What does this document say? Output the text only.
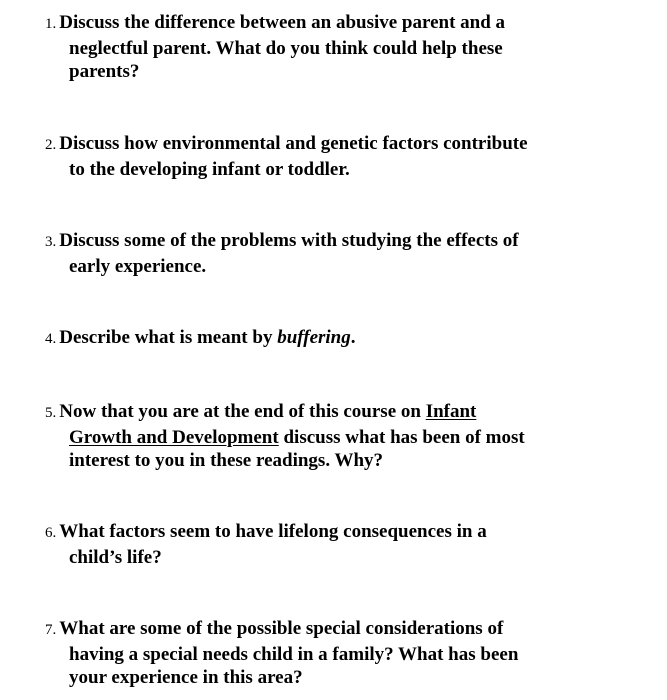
1. Discuss the difference between an abusive parent and a
neglectful parent. What do you think could help these
parents?
2. Discuss how environmental and genetic factors contribute
to the developing infant or toddler.
3. Discuss some of the problems with studying the effects of
early experience.
4. Describe what is meant by buffering.
5. Now that you are at the end of this course on Infant
Growth and Development discuss what has been of most
interest to you in these readings. Why?
6. What factors seem to have lifelong consequences in a
child’s life?
7. What are some of the possible special considerations of
having a special needs child in a family? What has been
your experience in this area?
